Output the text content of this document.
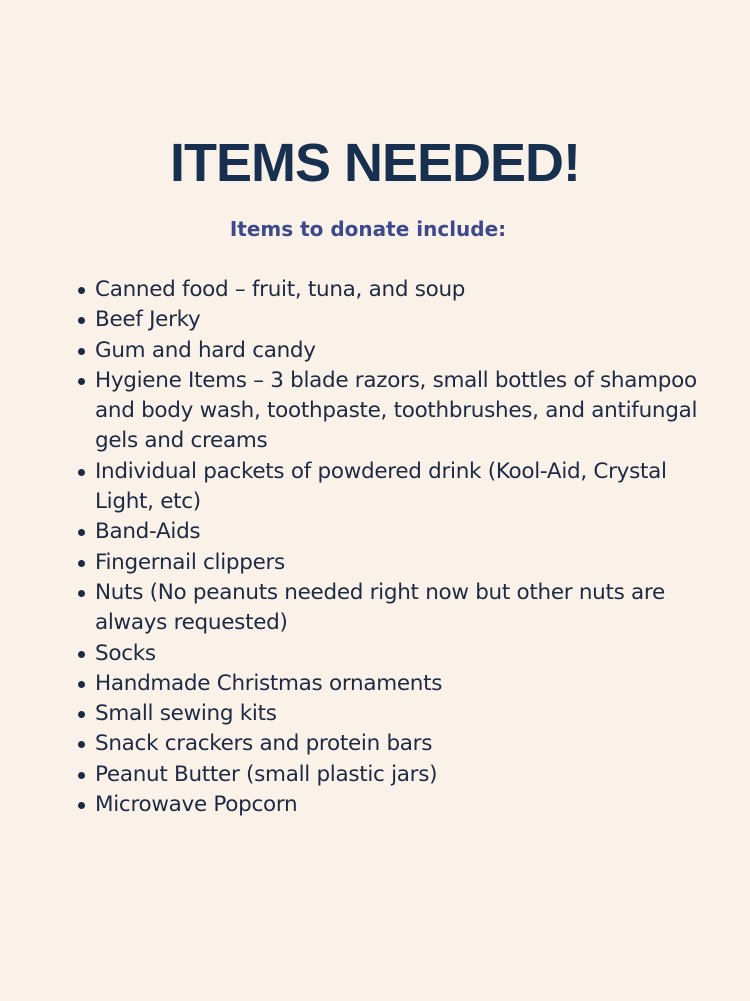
ITEMS NEEDED!
Items to donate include:
Canned food – fruit, tuna, and soup
Beef Jerky
Gum and hard candy
Hygiene Items – 3 blade razors, small bottles of shampoo and body wash, toothpaste, toothbrushes, and antifungal gels and creams
Individual packets of powdered drink (Kool-Aid, Crystal Light, etc)
Band-Aids
Fingernail clippers
Nuts (No peanuts needed right now but other nuts are always requested)
Socks
Handmade Christmas ornaments
Small sewing kits
Snack crackers and protein bars
Peanut Butter (small plastic jars)
Microwave Popcorn
